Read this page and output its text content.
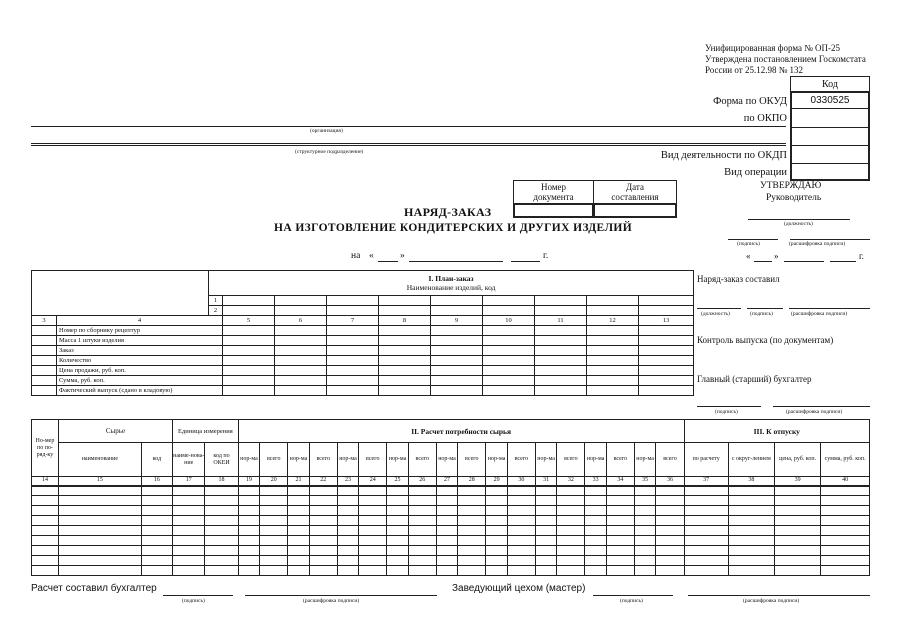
Унифицированная форма № ОП-25
Утверждена постановлением Госкомстата
России от 25.12.98 № 132
Код
0330525
Форма по ОКУД
по ОКПО
Вид деятельности по ОКДП
Вид операции
(организация)
(структурное подразделение)
Номер документа
Дата составления
УТВЕРЖДАЮ
Руководитель
(должность)
(подпись)	(расшифровка подписи)
«	»	г.
НАРЯД-ЗАКАЗ
НА ИЗГОТОВЛЕНИЕ КОНДИТЕРСКИХ И ДРУГИХ ИЗДЕЛИЙ
на «	»	г.

		I. План-заказ
Наименование изделий, код									

		1									
		2									
3	4		5	6	7	8	9	10	11	12	13
	Номер по сборнику рецептур										
	Масса 1 штуки изделия										
	Заказ										
	Количество										
	Цена продажи, руб. коп.										
	Сумма, руб. коп.										
	Фактический выпуск (сдано в кладовую)										
Наряд-заказ составил
(должность)	(подпись)	(расшифровка подписи)
Контроль выпуска (по документам)
Главный (старший) бухгалтер
(подпись)	(расшифровка подписи)
Но-мер по по-ряд-ку	Сырье		Единица измерения		II. Расчет потребности сырья																		III. К отпуску			
	наименование	код	наиме-нова-ние	код по ОКЕИ	нор-ма	всего	нор-ма	всего	нор-ма	всего	нор-ма	всего	нор-ма	всего	нор-ма	всего	нор-ма	всего	нор-ма	всего	нор-ма	всего	по расчету	с округ-лением	цена, руб. коп.	сумма, руб. коп.
14	15	16	17	18	19	20	21	22	23	24	25	26	27	28	29	30	31	32	33	34	35	36	37	38	39	40

Расчет составил бухгалтер
(подпись)	(расшифровка подписи)
Заведующий цехом (мастер)
(подпись)	(расшифровка подписи)
